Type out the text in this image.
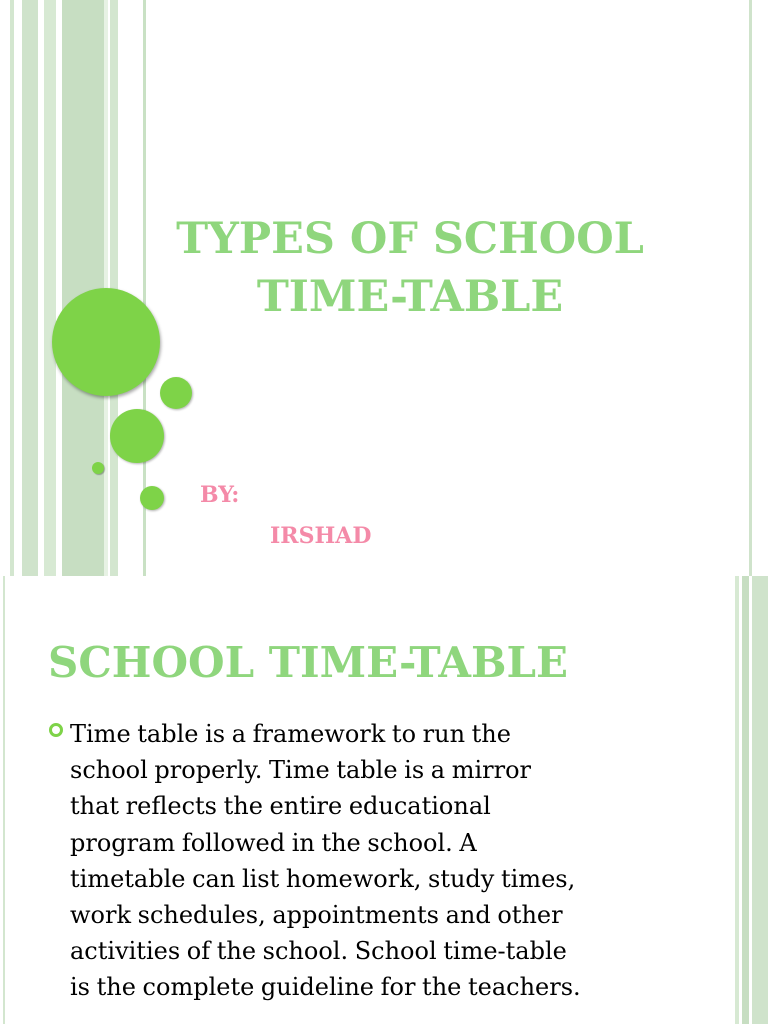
TYPES OF SCHOOL
TIME-TABLE

BY:

IRSHAD

SCHOOL TIME-TABLE

Time table is a framework to run the
school properly. Time table is a mirror
that reflects the entire educational
program followed in the school. A
timetable can list homework, study times,
work schedules, appointments and other
activities of the school. School time-table
is the complete guideline for the teachers.
